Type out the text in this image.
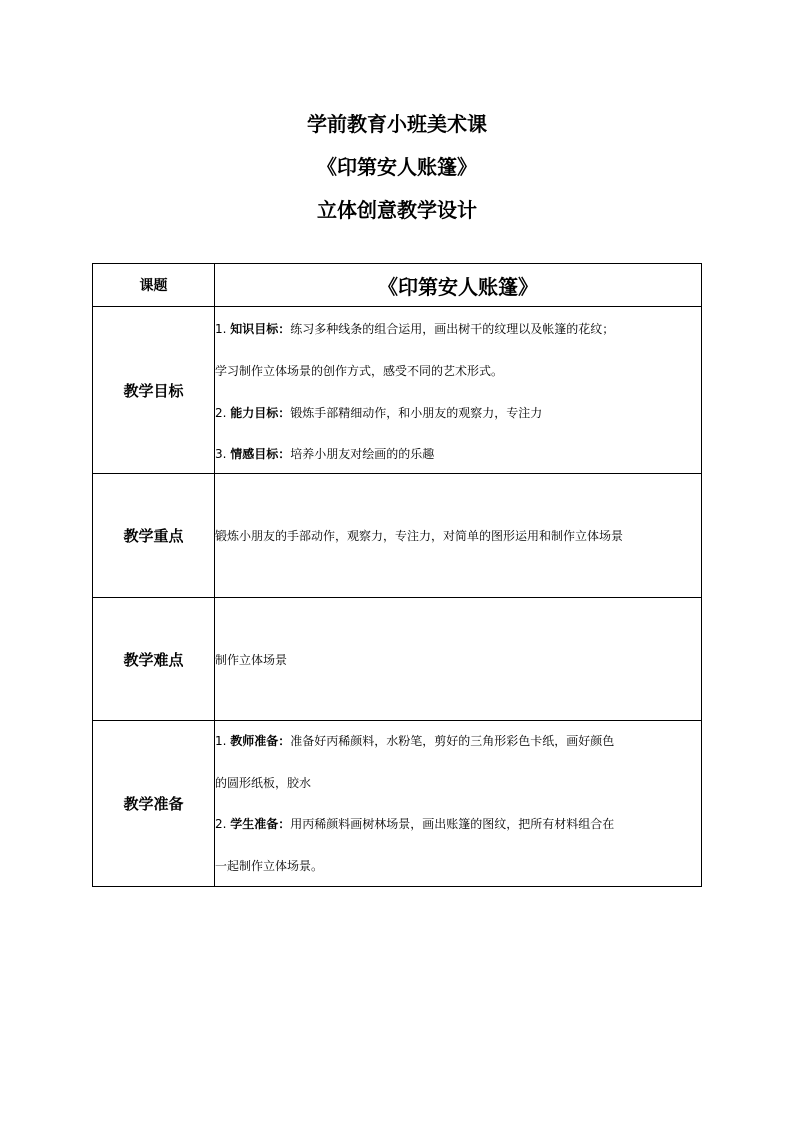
学前教育小班美术课
《印第安人账篷》
立体创意教学设计
课题	《印第安人账篷》
教学目标	1. 知识目标：练习多种线条的组合运用，画出树干的纹理以及帐篷的花纹；
学习制作立体场景的创作方式，感受不同的艺术形式。
2. 能力目标：锻炼手部精细动作，和小朋友的观察力，专注力
3. 情感目标：培养小朋友对绘画的的乐趣

教学重点	锻炼小朋友的手部动作，观察力，专注力，对简单的图形运用和制作立体场景
教学难点	制作立体场景
教学准备	1. 教师准备：准备好丙稀颜料，水粉笔，剪好的三角形彩色卡纸，画好颜色
的圆形纸板，胶水
2. 学生准备：用丙稀颜料画树林场景，画出账篷的图纹，把所有材料组合在
一起制作立体场景。
